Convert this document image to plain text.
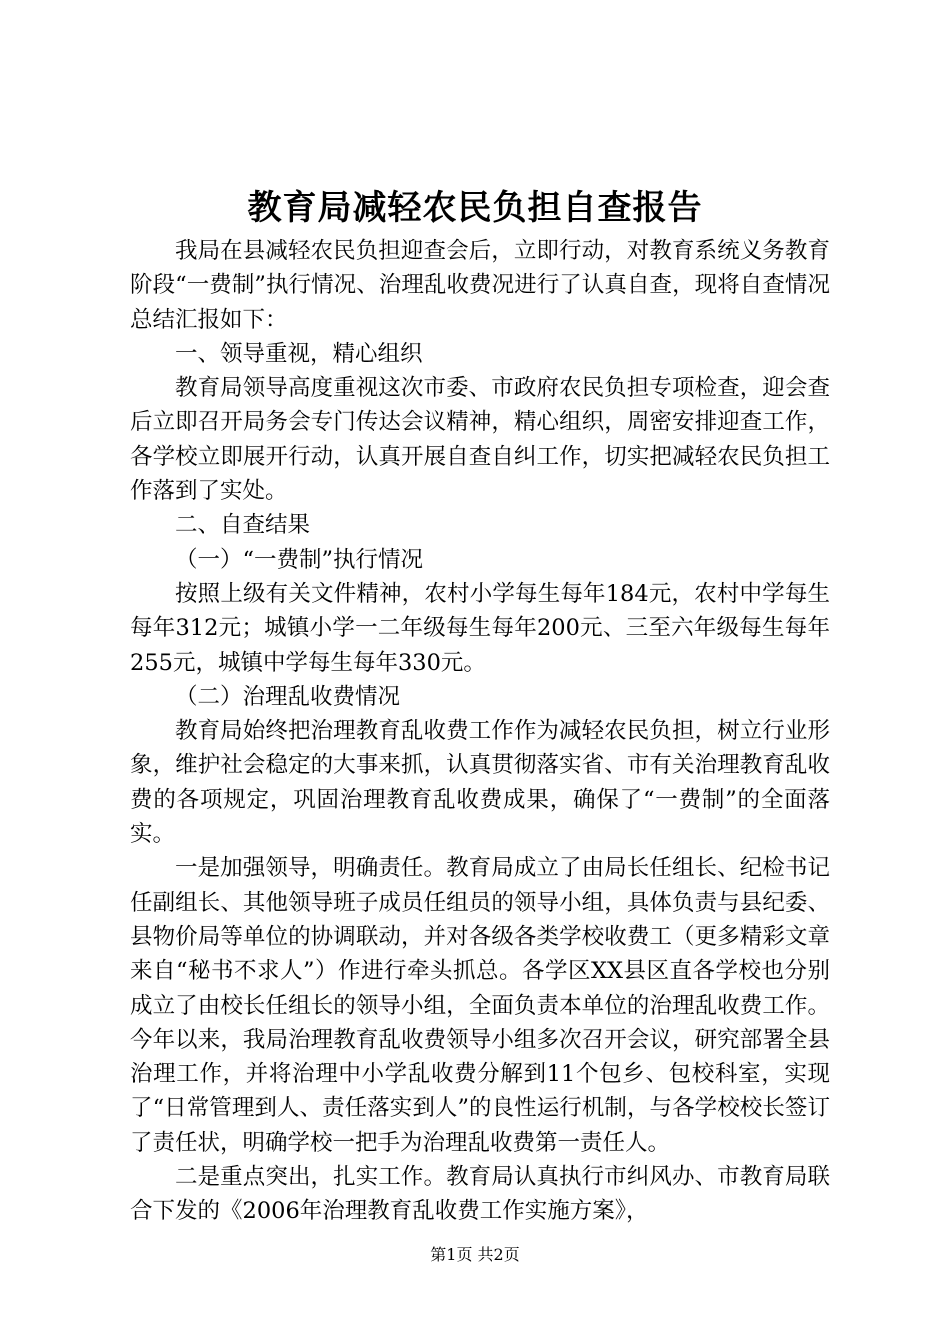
教育局减轻农民负担自查报告

我局在县减轻农民负担迎查会后，立即行动，对教育系统义务教育阶段“一费制”执行情况、治理乱收费况进行了认真自查，现将自查情况总结汇报如下：

一、领导重视，精心组织

教育局领导高度重视这次市委、市政府农民负担专项检查，迎会查后立即召开局务会专门传达会议精神，精心组织，周密安排迎查工作，各学校立即展开行动，认真开展自查自纠工作，切实把减轻农民负担工作落到了实处。

二、自查结果

（一）“一费制”执行情况

按照上级有关文件精神，农村小学每生每年184元，农村中学每生每年312元；城镇小学一二年级每生每年200元、三至六年级每生每年255元，城镇中学每生每年330元。

（二）治理乱收费情况

教育局始终把治理教育乱收费工作作为减轻农民负担，树立行业形象，维护社会稳定的大事来抓，认真贯彻落实省、市有关治理教育乱收费的各项规定，巩固治理教育乱收费成果，确保了“一费制”的全面落实。

一是加强领导，明确责任。教育局成立了由局长任组长、纪检书记任副组长、其他领导班子成员任组员的领导小组，具体负责与县纪委、县物价局等单位的协调联动，并对各级各类学校收费工（更多精彩文章来自“秘书不求人”）作进行牵头抓总。各学区XX县区直各学校也分别成立了由校长任组长的领导小组，全面负责本单位的治理乱收费工作。今年以来，我局治理教育乱收费领导小组多次召开会议，研究部署全县治理工作，并将治理中小学乱收费分解到11个包乡、包校科室，实现了“日常管理到人、责任落实到人”的良性运行机制，与各学校校长签订了责任状，明确学校一把手为治理乱收费第一责任人。

二是重点突出，扎实工作。教育局认真执行市纠风办、市教育局联合下发的《2006年治理教育乱收费工作实施方案》，

第1页 共2页
